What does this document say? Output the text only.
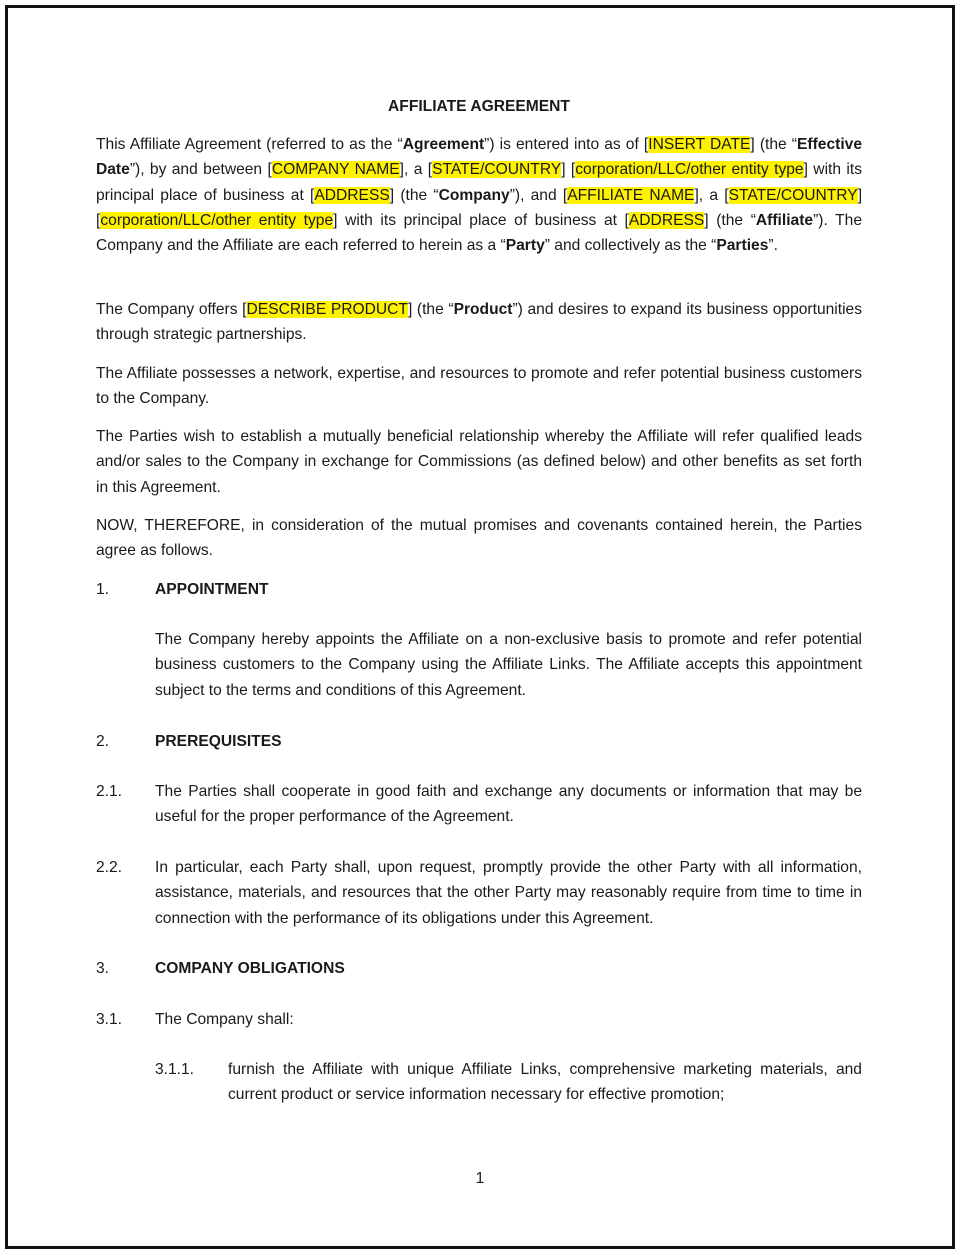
AFFILIATE AGREEMENT

This Affiliate Agreement (referred to as the “Agreement”) is entered into as of [INSERT DATE] (the “Effective Date”), by and between [COMPANY NAME], a [STATE/COUNTRY] [corporation/LLC/other entity type] with its principal place of business at [ADDRESS] (the “Company”), and [AFFILIATE NAME], a [STATE/COUNTRY] [corporation/LLC/other entity type] with its principal place of business at [ADDRESS] (the “Affiliate”). The Company and the Affiliate are each referred to herein as a “Party” and collectively as the “Parties”.

The Company offers [DESCRIBE PRODUCT] (the “Product”) and desires to expand its business opportunities through strategic partnerships.

The Affiliate possesses a network, expertise, and resources to promote and refer potential business customers to the Company.

The Parties wish to establish a mutually beneficial relationship whereby the Affiliate will refer qualified leads and/or sales to the Company in exchange for Commissions (as defined below) and other benefits as set forth in this Agreement.

NOW, THEREFORE, in consideration of the mutual promises and covenants contained herein, the Parties agree as follows.

1.	APPOINTMENT

The Company hereby appoints the Affiliate on a non-exclusive basis to promote and refer potential business customers to the Company using the Affiliate Links. The Affiliate accepts this appointment subject to the terms and conditions of this Agreement.

2.	PREREQUISITES

2.1. The Parties shall cooperate in good faith and exchange any documents or information that may be useful for the proper performance of the Agreement.

2.2. In particular, each Party shall, upon request, promptly provide the other Party with all information, assistance, materials, and resources that the other Party may reasonably require from time to time in connection with the performance of its obligations under this Agreement.

3.	COMPANY OBLIGATIONS

3.1. The Company shall:

3.1.1. furnish the Affiliate with unique Affiliate Links, comprehensive marketing materials, and current product or service information necessary for effective promotion;

1
